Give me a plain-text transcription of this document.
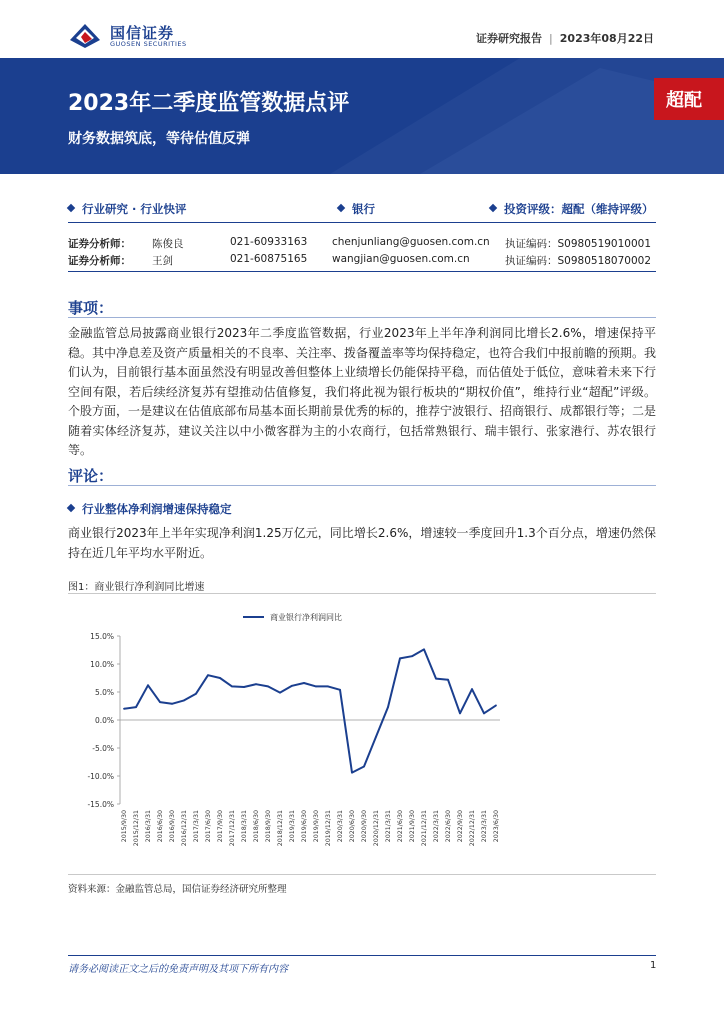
国信证券
GUOSEN SECURITIES	证券研究报告 | 2023年08月22日
2023年二季度监管数据点评
财务数据筑底，等待估值反弹
超配
行业研究 · 行业快评	银行	投资评级：超配（维持评级）
证券分析师： 陈俊良	021-60933163 chenjunliang@guosen.com.cn 执证编码：S0980519010001
证券分析师： 王剑	021-60875165 wangjian@guosen.com.cn	执证编码：S0980518070002
事项：

金融监管总局披露商业银行2023年二季度监管数据，行业2023年上半年净利润同比增长2.6%，增速保持平稳。其中净息差及资产质量相关的不良率、关注率、拨备覆盖率等均保持稳定，也符合我们中报前瞻的预期。我们认为，目前银行基本面虽然没有明显改善但整体上业绩增长仍能保持平稳，而估值处于低位，意味着未来下行空间有限，若后续经济复苏有望推动估值修复，我们将此视为银行板块的“期权价值”，维持行业“超配”评级。个股方面，一是建议在估值底部布局基本面长期前景优秀的标的，推荐宁波银行、招商银行、成都银行等；二是随着实体经济复苏，建议关注以中小微客群为主的小农商行，包括常熟银行、瑞丰银行、张家港行、苏农银行等。

评论：
行业整体净利润增速保持稳定

商业银行2023年上半年实现净利润1.25万亿元，同比增长2.6%，增速较一季度回升1.3个百分点，增速仍然保持在近几年平均水平附近。

图1：商业银行净利润同比增速
商业银行净利润同比
15.0%
10.0%
5.0%
0.0%
-5.0%
-10.0%
-15.0%
2015/9/30 2015/12/31 2016/3/31 2016/6/30 2016/9/30 2016/12/31 2017/3/31 2017/6/30 2017/9/30 2017/12/31 2018/3/31 2018/6/30 2018/9/30 2018/12/31 2019/3/31 2019/6/30 2019/9/30 2019/12/31 2020/3/31 2020/6/30 2020/9/30 2020/12/31 2021/3/31 2021/6/30 2021/9/30 2021/12/31 2022/3/31 2022/6/30 2022/9/30 2022/12/31 2023/3/31 2023/6/30
资料来源：金融监管总局，国信证券经济研究所整理
请务必阅读正文之后的免责声明及其项下所有内容	1
